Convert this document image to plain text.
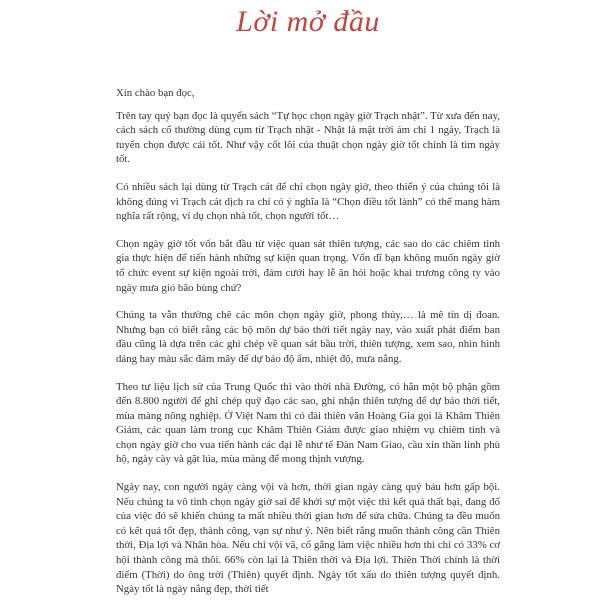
Lời mở đầu

Xin chào bạn đọc,

Trên tay quý bạn đọc là quyển sách “Tự học chọn ngày giờ Trạch nhật”. Từ xưa đến nay, cách sách cổ thường dùng cụm từ Trạch nhật - Nhật là mặt trời ám chỉ 1 ngày, Trạch là tuyển chọn được cái tốt. Như vậy cốt lõi của thuật chọn ngày giờ tốt chính là tìm ngày tốt.

Có nhiều sách lại dùng từ Trạch cát để chỉ chọn ngày giờ, theo thiển ý của chúng tôi là không đúng vì Trạch cát dịch ra chỉ có ý nghĩa là “Chọn điều tốt lành” có thể mang hàm nghĩa rất rộng, ví dụ chọn nhà tốt, chọn người tốt…

Chọn ngày giờ tốt vốn bắt đầu từ việc quan sát thiên tượng, các sao do các chiêm tinh gia thực hiện để tiến hành những sự kiện quan trọng. Vốn dĩ bạn không muốn ngày giờ tổ chức event sự kiện ngoài trời, đám cưới hay lễ ăn hỏi hoặc khai trương công ty vào ngày mưa gió bão bùng chứ?

Chúng ta vẫn thường chê các môn chọn ngày giờ, phong thủy,… là mê tín dị đoan. Nhưng bạn có biết rằng các bộ môn dự báo thời tiết ngày nay, vào xuất phát điểm ban đầu cũng là dựa trên các ghi chép về quan sát bầu trời, thiên tượng, xem sao, nhìn hình dáng hay màu sắc đám mây để dự báo độ ẩm, nhiệt độ, mưa nắng.

Theo tư liệu lịch sử của Trung Quốc thì vào thời nhà Đường, có hẳn một bộ phận gồm đến 8.800 người để ghi chép quỹ đạo các sao, ghi nhận thiên tượng để dự báo thời tiết, mùa màng nông nghiệp. Ở Việt Nam thì có đài thiên văn Hoàng Gia gọi là Khâm Thiên Giám, các quan làm trong cục Khâm Thiên Giám được giao nhiệm vụ chiêm tinh và chọn ngày giờ cho vua tiến hành các đại lễ như tế Đàn Nam Giao, cầu xin thần linh phù hộ, ngày cày và gặt lúa, mùa màng để mong thịnh vượng.

Ngày nay, con người ngày càng vội và hơn, thời gian ngày càng quý báu hơn gấp bội. Nếu chúng ta vô tình chọn ngày giờ sai để khởi sự một việc thì kết quả thất bại, đang đổ của việc đó sẽ khiến chúng ta mất nhiều thời gian hơn để sửa chữa. Chúng ta đều muốn có kết quả tốt đẹp, thành công, vạn sự như ý. Nên biết rằng muốn thành công cần Thiên thời, Địa lợi và Nhân hòa. Nếu chỉ vội vã, cố gắng làm việc nhiều hơn thì chỉ có 33% cơ hội thành công mà thôi. 66% còn lại là Thiên thời và Địa lợi. Thiên Thời chính là thời điểm (Thời) do ông trời (Thiên) quyết định. Ngày tốt xấu do thiên tượng quyết định. Ngày tốt là ngày nắng đẹp, thời tiết
